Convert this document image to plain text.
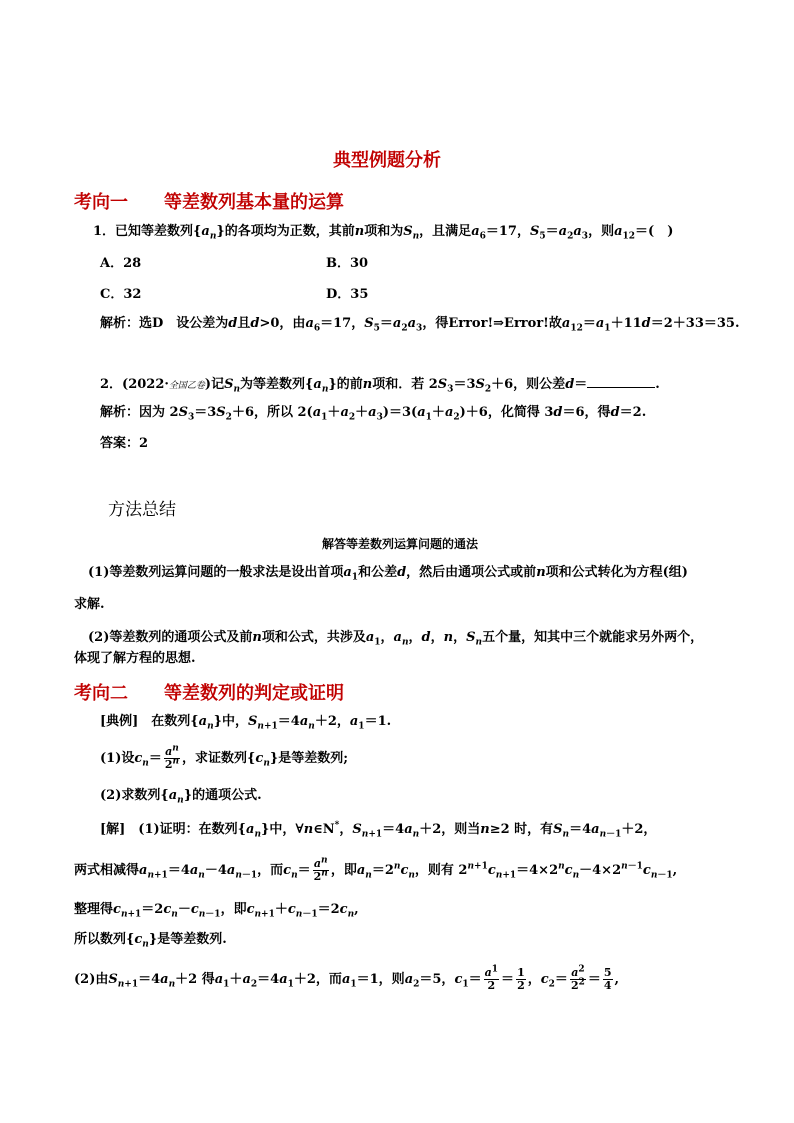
典型例题分析
考向一　　等差数列基本量的运算
1．已知等差数列$\{a_n\}$的各项均为正数，其前n项和为$S_n$，且满足$a_6=17$，$S_5=a_2a_3$，则$a_{12}=$(　)
A．28	B．30
C．32	D．35
解析：选D　设公差为d且d>0，由$a_6=17$，$S_5=a_2a_3$，得Error!⇒Error!故$a_{12}=a_1+11d=2+33=35$.
2．(2022·全国乙卷)记$S_n$为等差数列$\{a_n\}$的前n项和．若 $2S_3=3S_2+6$，则公差d＝	.
解析：因为 $2S_3=3S_2+6$，所以 $2(a_1+a_2+a_3)=3(a_1+a_2)+6$，化简得 3d＝6，得d＝2.
答案：2
方法总结
解答等差数列运算问题的通法
(1)等差数列运算问题的一般求法是设出首项$a_1$和公差d，然后由通项公式或前n项和公式转化为方程(组)
求解.
(2)等差数列的通项公式及前n项和公式，共涉及$a_1$，$a_n$，d，n，$S_n$五个量，知其中三个就能求另外两个，
体现了解方程的思想.
考向二　　等差数列的判定或证明
[典例]　在数列$\{a_n\}$中，$S_{n+1}=4a_n+2$，$a_1=1$.
(1)设$c_n= \frac{a^n}{2^n}$ ，求证数列$\{c_n\}$是等差数列;
(2)求数列$\{a_n\}$的通项公式.
[解]　(1)证明：在数列$\{a_n\}$中，∀n∈N*，$S_{n+1}=4a_n+2$，则当n≥2 时，有$S_n=4a_{n-1}+2$，
两式相减得$a_{n+1}=4a_n-4a_{n-1}$，而$c_n= \frac{a^n}{2^n}$ ，即$a_n=2^nc_n$，则有 $2^{n+1}c_{n+1}=4\times 2^nc_n-4\times 2^{n-1}c_{n-1}$,
整理得$c_{n+1}=2c_n-c_{n-1}$，即$c_{n+1}+c_{n-1}=2c_n$,
所以数列$\{c_n\}$是等差数列.
(2)由$S_{n+1}=4a_n+2$ 得$a_1+a_2=4a_1+2$，而$a_1=1$，则$a_2=5$，$c_1= \frac{a^1}{2} = \frac{1}{2}$ ，$c_2= \frac{a^2}{2^2} = \frac{5}{4}$ ,
